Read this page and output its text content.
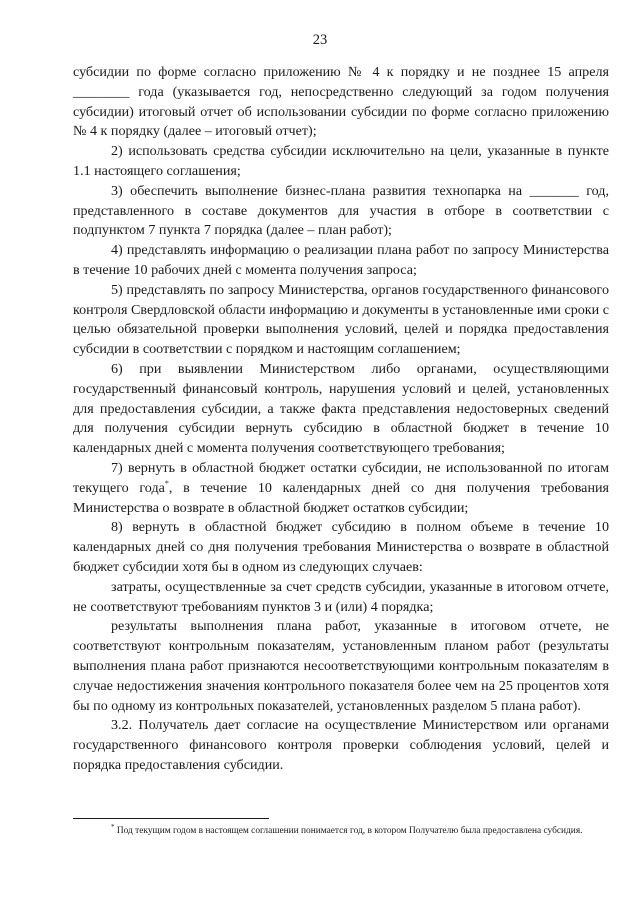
23

субсидии по форме согласно приложению № 4 к порядку и не позднее 15 апреля ________ года (указывается год, непосредственно следующий за годом получения субсидии) итоговый отчет об использовании субсидии по форме согласно приложению № 4 к порядку (далее – итоговый отчет);

2) использовать средства субсидии исключительно на цели, указанные в пункте 1.1 настоящего соглашения;

3) обеспечить выполнение бизнес-плана развития технопарка на _______ год, представленного в составе документов для участия в отборе в соответствии с подпунктом 7 пункта 7 порядка (далее – план работ);

4) представлять информацию о реализации плана работ по запросу Министерства в течение 10 рабочих дней с момента получения запроса;

5) представлять по запросу Министерства, органов государственного финансового контроля Свердловской области информацию и документы в установленные ими сроки с целью обязательной проверки выполнения условий, целей и порядка предоставления субсидии в соответствии с порядком и настоящим соглашением;

6) при выявлении Министерством либо органами, осуществляющими государственный финансовый контроль, нарушения условий и целей, установленных для предоставления субсидии, а также факта представления недостоверных сведений для получения субсидии вернуть субсидию в областной бюджет в течение 10 календарных дней с момента получения соответствующего требования;

7) вернуть в областной бюджет остатки субсидии, не использованной по итогам текущего года*, в течение 10 календарных дней со дня получения требования Министерства о возврате в областной бюджет остатков субсидии;

8) вернуть в областной бюджет субсидию в полном объеме в течение 10 календарных дней со дня получения требования Министерства о возврате в областной бюджет субсидии хотя бы в одном из следующих случаев:

затраты, осуществленные за счет средств субсидии, указанные в итоговом отчете, не соответствуют требованиям пунктов 3 и (или) 4 порядка;

результаты выполнения плана работ, указанные в итоговом отчете, не соответствуют контрольным показателям, установленным планом работ (результаты выполнения плана работ признаются несоответствующими контрольным показателям в случае недостижения значения контрольного показателя более чем на 25 процентов хотя бы по одному из контрольных показателей, установленных разделом 5 плана работ).

3.2. Получатель дает согласие на осуществление Министерством или органами государственного финансового контроля проверки соблюдения условий, целей и порядка предоставления субсидии.

* Под текущим годом в настоящем соглашении понимается год, в котором Получателю была предоставлена субсидия.
